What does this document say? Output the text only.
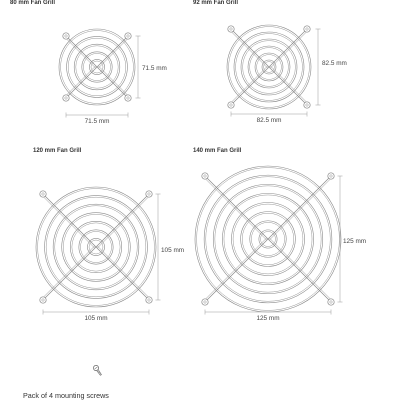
80 mm Fan Grill	92 mm Fan Grill
120 mm Fan Grill	140 mm Fan Grill
71.5 mm
71.5 mm
82.5 mm
82.5 mm
105 mm
105 mm
125 mm
125 mm
Pack of 4 mounting screws
